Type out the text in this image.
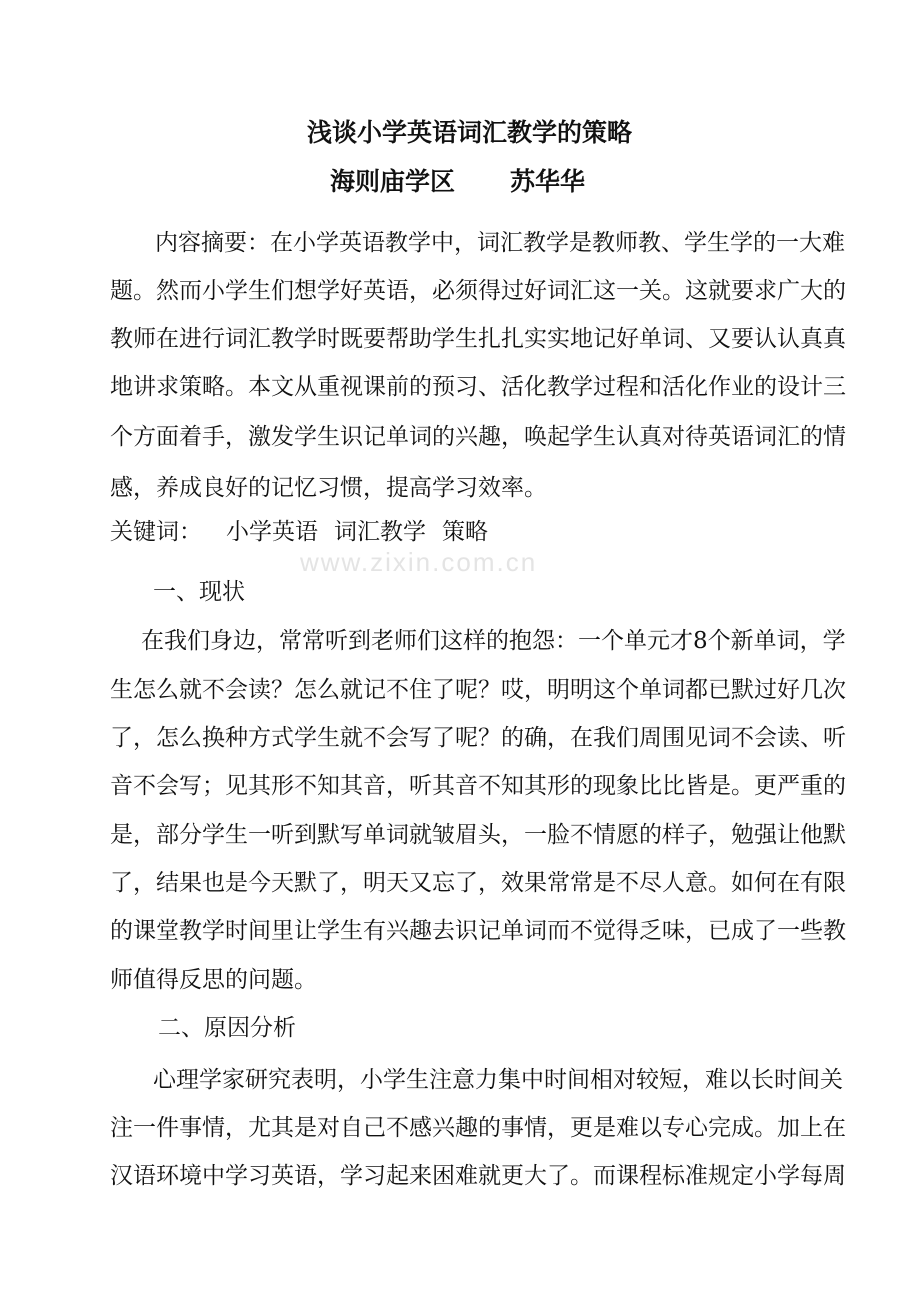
www.zixin.com.cn
浅谈小学英语词汇教学的策略
海则庙学区 苏华华
内容摘要：在小学英语教学中，词汇教学是教师教、学生学的一大难
题。然而小学生们想学好英语，必须得过好词汇这一关。这就要求广大的
教师在进行词汇教学时既要帮助学生扎扎实实地记好单词、又要认认真真
地讲求策略。本文从重视课前的预习、活化教学过程和活化作业的设计三
个方面着手，激发学生识记单词的兴趣，唤起学生认真对待英语词汇的情
感，养成良好的记忆习惯，提高学习效率。
关键词： 小学英语 词汇教学 策略
一、现状
在我们身边，常常听到老师们这样的抱怨：一个单元才8个新单词，学
生怎么就不会读？怎么就记不住了呢？哎，明明这个单词都已默过好几次
了，怎么换种方式学生就不会写了呢？的确，在我们周围见词不会读、听
音不会写；见其形不知其音，听其音不知其形的现象比比皆是。更严重的
是，部分学生一听到默写单词就皱眉头，一脸不情愿的样子，勉强让他默
了，结果也是今天默了，明天又忘了，效果常常是不尽人意。如何在有限
的课堂教学时间里让学生有兴趣去识记单词而不觉得乏味，已成了一些教
师值得反思的问题。
二、原因分析
心理学家研究表明，小学生注意力集中时间相对较短，难以长时间关
注一件事情，尤其是对自己不感兴趣的事情，更是难以专心完成。加上在
汉语环境中学习英语，学习起来困难就更大了。而课程标准规定小学每周
